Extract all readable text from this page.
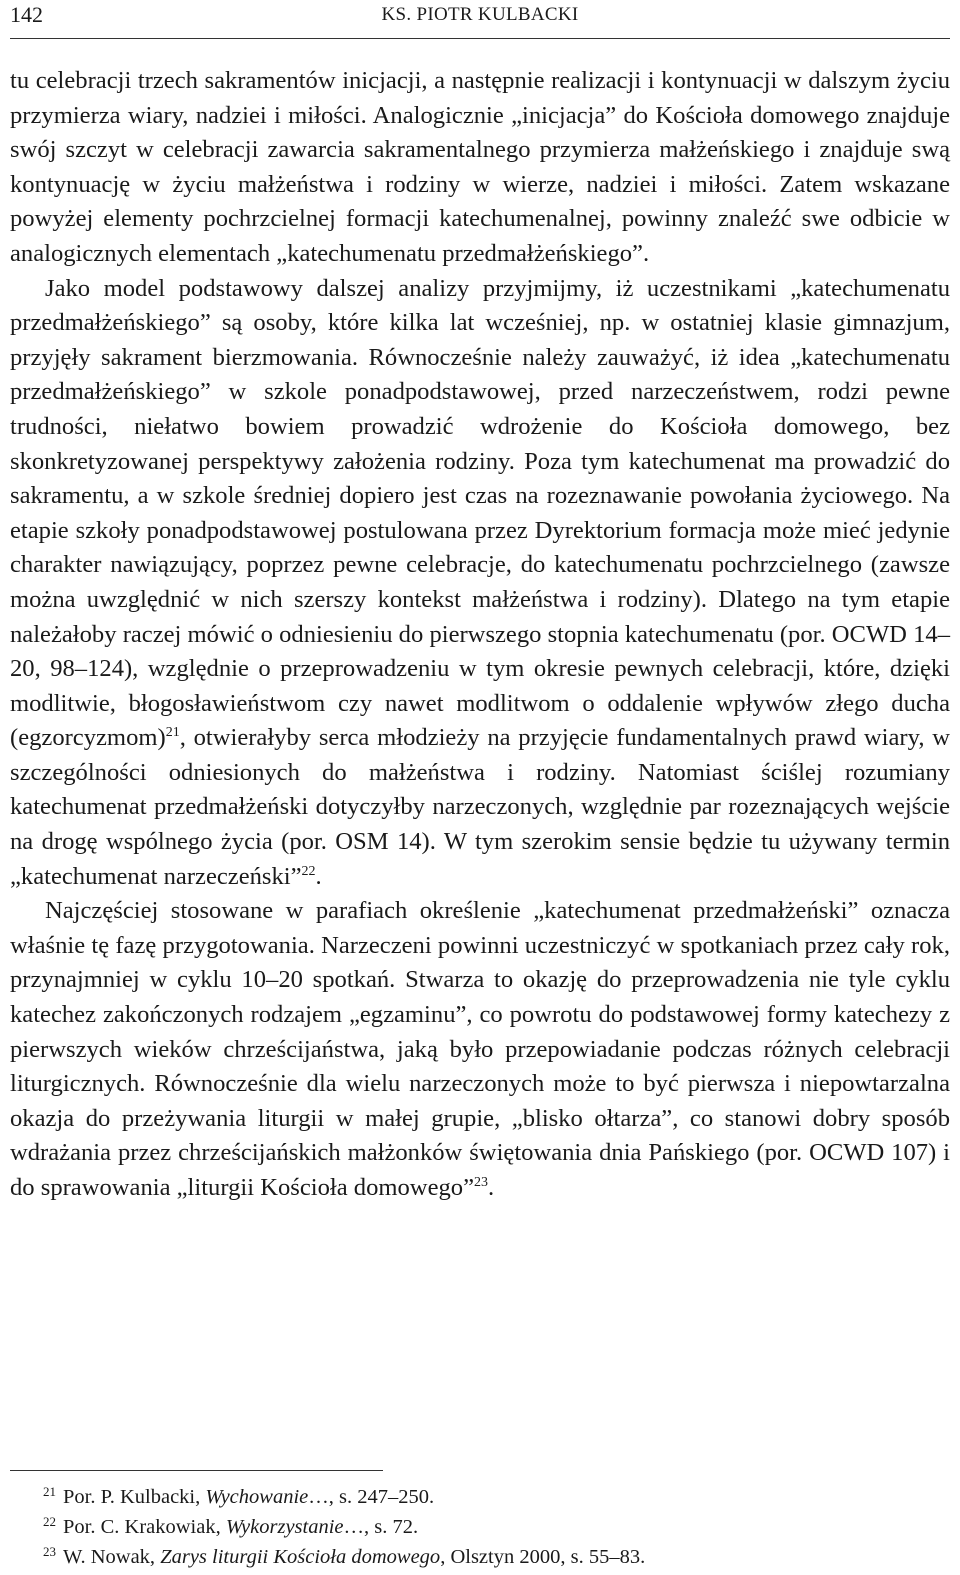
142	KS. PIOTR KULBACKI

tu celebracji trzech sakramentów inicjacji, a następnie realizacji i kontynuacji w dalszym życiu przymierza wiary, nadziei i miłości. Analogicznie „inicjacja” do Kościoła domowego znajduje swój szczyt w celebracji zawarcia sakramentalnego przymierza małżeńskiego i znajduje swą kontynuację w życiu małżeństwa i rodziny w wierze, nadziei i miłości. Zatem wskazane powyżej elementy pochrzcielnej formacji katechumenalnej, powinny znaleźć swe odbicie w analogicznych elementach „katechumenatu przedmałżeńskiego”.

Jako model podstawowy dalszej analizy przyjmijmy, iż uczestnikami „katechumenatu przedmałżeńskiego” są osoby, które kilka lat wcześniej, np. w ostatniej klasie gimnazjum, przyjęły sakrament bierzmowania. Równocześnie należy zauważyć, iż idea „katechumenatu przedmałżeńskiego” w szkole ponadpodstawowej, przed narzeczeństwem, rodzi pewne trudności, niełatwo bowiem prowadzić wdrożenie do Kościoła domowego, bez skonkretyzowanej perspektywy założenia rodziny. Poza tym katechumenat ma prowadzić do sakramentu, a w szkole średniej dopiero jest czas na rozeznawanie powołania życiowego. Na etapie szkoły ponadpodstawowej postulowana przez Dyrektorium formacja może mieć jedynie charakter nawiązujący, poprzez pewne celebracje, do katechumenatu pochrzcielnego (zawsze można uwzględnić w nich szerszy kontekst małżeństwa i rodziny). Dlatego na tym etapie należałoby raczej mówić o odniesieniu do pierwszego stopnia katechumenatu (por. OCWD 14–20, 98–124), względnie o przeprowadzeniu w tym okresie pewnych celebracji, które, dzięki modlitwie, błogosławieństwom czy nawet modlitwom o oddalenie wpływów złego ducha (egzorcyzmom)$^{21}$, otwierałyby serca młodzieży na przyjęcie fundamentalnych prawd wiary, w szczególności odniesionych do małżeństwa i rodziny. Natomiast ściślej rozumiany katechumenat przedmałżeński dotyczyłby narzeczonych, względnie par rozeznających wejście na drogę wspólnego życia (por. OSM 14). W tym szerokim sensie będzie tu używany termin „katechumenat narzeczeński”$^{22}$.

Najczęściej stosowane w parafiach określenie „katechumenat przedmałżeński” oznacza właśnie tę fazę przygotowania. Narzeczeni powinni uczestniczyć w spotkaniach przez cały rok, przynajmniej w cyklu 10–20 spotkań. Stwarza to okazję do przeprowadzenia nie tyle cyklu katechez zakończonych rodzajem „egzaminu”, co powrotu do podstawowej formy katechezy z pierwszych wieków chrześcijaństwa, jaką było przepowiadanie podczas różnych celebracji liturgicznych. Równocześnie dla wielu narzeczonych może to być pierwsza i niepowtarzalna okazja do przeżywania liturgii w małej grupie, „blisko ołtarza”, co stanowi dobry sposób wdrażania przez chrześcijańskich małżonków świętowania dnia Pańskiego (por. OCWD 107) i do sprawowania „liturgii Kościoła domowego”$^{23}$.

21 Por. P. Kulbacki, Wychowanie…, s. 247–250.
22 Por. C. Krakowiak, Wykorzystanie…, s. 72.
23 W. Nowak, Zarys liturgii Kościoła domowego, Olsztyn 2000, s. 55–83.
